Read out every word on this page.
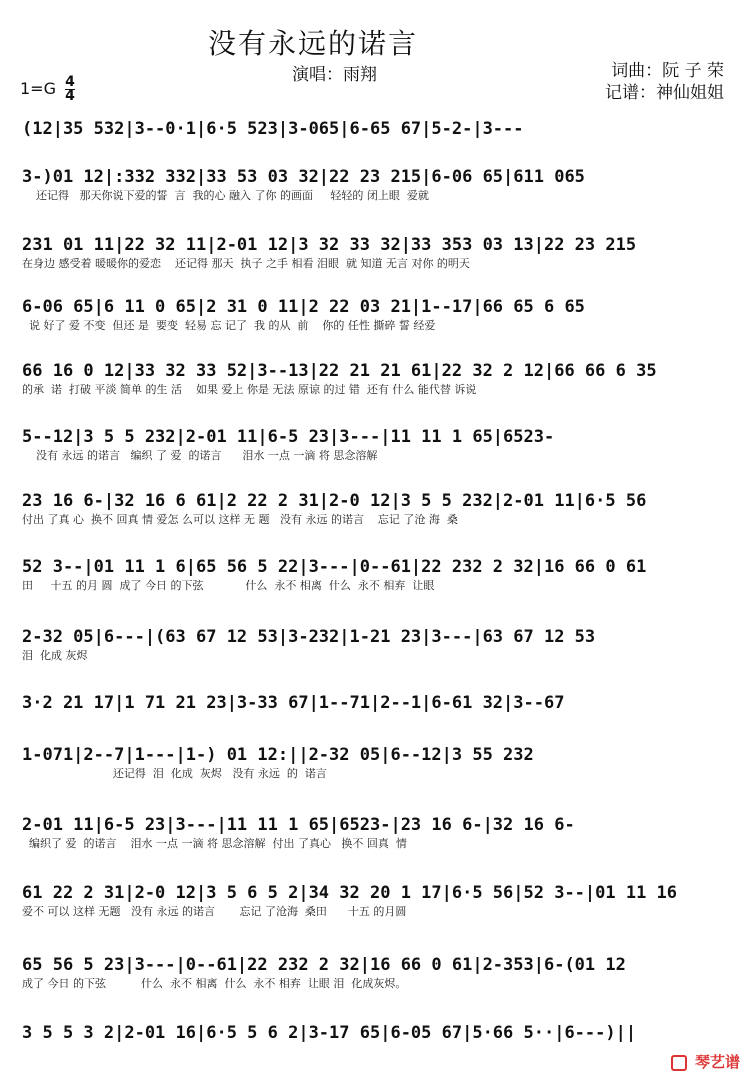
没有永远的诺言
演唱：雨翔	词曲：阮 子 荣
记谱：神仙姐姐
$1=G \frac{4}{4}$
(12|35 532|3--0·1|6·5 523|3-065|6-65 67|5-2-|3---
3-)01 12|:332 332|33 53 03 32|22 23 215|6-06 65|611 065
还记得   那天你说下爱的誓  言  我的心 融入 了你 的画面     轻轻的 闭上眼  爱就
231 01 11|22 32 11|2-01 12|3 32 33 32|33 353 03 13|22 23 215
在身边 感受着 暖暖你的爱恋    还记得 那天  执子 之手 相看 泪眼  就 知道 无言 对你 的明天
6-06 65|6 11 0 65|2 31 0 11|2 22 03 21|1--17|66 65 6 65
说 好了 爱 不变  但还 是  要变  轻易 忘 记了  我 的从  前    你的 任性 撕碎 誓 经爱
66 16 0 12|33 32 33 52|3--13|22 21 21 61|22 32 2 12|66 66 6 35
的承  诺  打破 平淡 简单 的生 活    如果 爱上 你是 无法 原谅 的过 错  还有 什么 能代替 诉说
5--12|3 5 5 232|2-01 11|6-5 23|3---|11 11 1 65|6523-
没有 永远 的诺言   编织 了 爱  的诺言      泪水 一点 一滴 将 思念溶解
23 16 6-|32 16 6 61|2 22 2 31|2-0 12|3 5 5 232|2-01 11|6·5 56
付出 了真 心  换不 回真 情 爱怎 么可以 这样 无 题   没有 永远 的诺言    忘记 了沧 海  桑
52 3--|01 11 1 6|65 56 5 22|3---|0--61|22 232 2 32|16 66 0 61
田     十五 的月 圆  成了 今日 的下弦            什么  永不 相离  什么  永不 相弃  让眼
2-32 05|6---|(63 67 12 53|3-232|1-21 23|3---|63 67 12 53
泪  化成 灰烬
3·2 21 17|1 71 21 23|3-33 67|1--71|2--1|6-61 32|3--67
1-071|2--7|1---|1-) 01 12:||2-32 05|6--12|3 55 232
还记得  泪  化成  灰烬   没有 永远  的  诺言
2-01 11|6-5 23|3---|11 11 1 65|6523-|23 16 6-|32 16 6-
编织了 爱  的诺言    泪水 一点 一滴 将 思念溶解  付出 了真心   换不 回真  情
61 22 2 31|2-0 12|3 5 6 5 2|34 32 20 1 17|6·5 56|52 3--|01 11 16
爱不 可以 这样 无题   没有 永远 的诺言       忘记 了沧海  桑田      十五 的月圆
65 56 5 23|3---|0--61|22 232 2 32|16 66 0 61|2-353|6-(01 12
成了 今日 的下弦          什么  永不 相离  什么  永不 相弃  让眼 泪  化成灰烬。
3 5 5 3 2|2-01 16|6·5 5 6 2|3-17 65|6-05 67|5·66 5··|6---)||
琴艺谱
